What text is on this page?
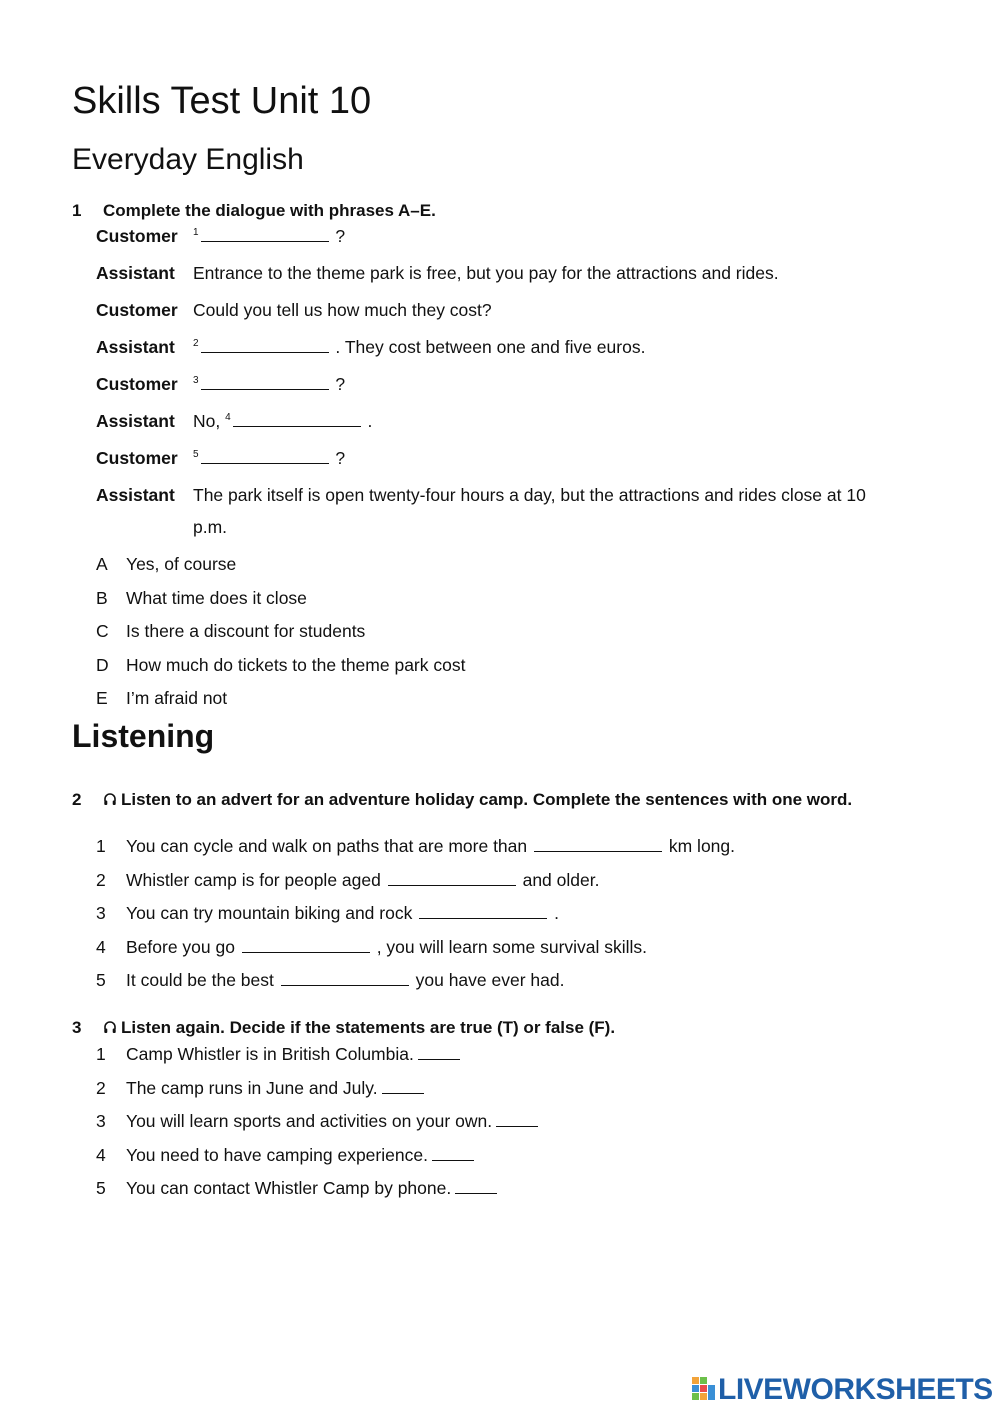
Skills Test Unit 10
Everyday English
1 Complete the dialogue with phrases A–E.
Customer $^1$	?
Assistant Entrance to the theme park is free, but you pay for the attractions and rides.
Customer Could you tell us how much they cost?
Assistant $^2$	. They cost between one and five euros.
Customer $^3$	?
Assistant No, $^4$	.
Customer $^5$	?
Assistant The park itself is open twenty-four hours a day, but the attractions and rides close at 10 p.m.
A Yes, of course
B What time does it close
C Is there a discount for students
D How much do tickets to the theme park cost
E I’m afraid not
Listening
2	Listen to an advert for an adventure holiday camp. Complete the sentences with one word.
1 You can cycle and walk on paths that are more than	km long.
2 Whistler camp is for people aged	and older.
3 You can try mountain biking and rock	.
4 Before you go	, you will learn some survival skills.
5 It could be the best	you have ever had.
3	Listen again. Decide if the statements are true (T) or false (F).
1 Camp Whistler is in British Columbia.
2 The camp runs in June and July.
3 You will learn sports and activities on your own.
4 You need to have camping experience.
5 You can contact Whistler Camp by phone.
LIVEWORKSHEETS
